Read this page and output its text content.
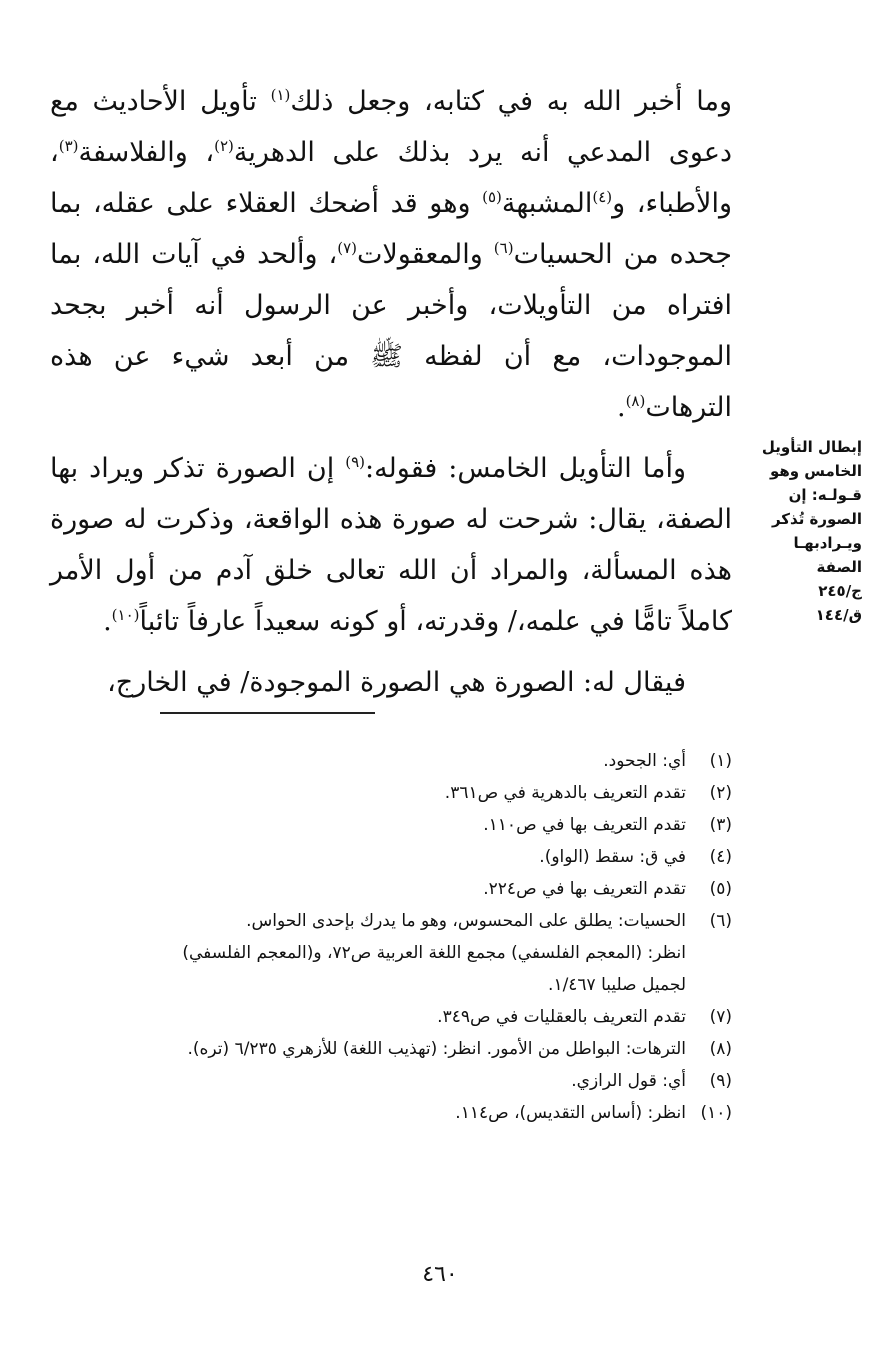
وما أخبر الله به في كتابه، وجعل ذلك$^{(١)}$ تأويل الأحاديث مع دعوى المدعي أنه يرد بذلك على الدهرية$^{(٢)}$، والفلاسفة$^{(٣)}$، والأطباء، و$^{(٤)}$المشبهة$^{(٥)}$ وهو قد أضحك العقلاء على عقله، بما جحده من الحسيات$^{(٦)}$ والمعقولات$^{(٧)}$، وألحد في آيات الله، بما افتراه من التأويلات، وأخبر عن الرسول أنه أخبر بجحد الموجودات، مع أن لفظه ﷺ من أبعد شيء عن هذه الترهات$^{(٨)}$.

وأما التأويل الخامس: فقوله:$^{(٩)}$ إن الصورة تذكر ويراد بها الصفة، يقال: شرحت له صورة هذه الواقعة، وذكرت له صورة هذه المسألة، والمراد أن الله تعالى خلق آدم من أول الأمر كاملاً تامًّا في علمه،/ وقدرته، أو كونه سعيداً عارفاً تائباً$^{(١٠)}$.

فيقال له: الصورة هي الصورة الموجودة/ في الخارج،

إبطال التأويل
الخامس وهو
قـولـه: إن
الصورة تُذكر
ويـرادبهـا
الصفة
ج/٢٤٥
ق/١٤٤
(١)
أي: الجحود.
(٢)
تقدم التعريف بالدهرية في ص٣٦١.
(٣)
تقدم التعريف بها في ص١١٠.
(٤)
في ق: سقط (الواو).
(٥)
تقدم التعريف بها في ص٢٢٤.
(٦)
الحسيات: يطلق على المحسوس، وهو ما يدرك بإحدى الحواس.
انظر: (المعجم الفلسفي) مجمع اللغة العربية ص٧٢، و(المعجم الفلسفي)
لجميل صليبا ١/٤٦٧.
(٧)
تقدم التعريف بالعقليات في ص٣٤٩.
(٨)
الترهات: البواطل من الأمور. انظر: (تهذيب اللغة) للأزهري ٦/٢٣٥ (تره).
(٩)
أي: قول الرازي.
(١٠)
انظر: (أساس التقديس)، ص١١٤.
٤٦٠
